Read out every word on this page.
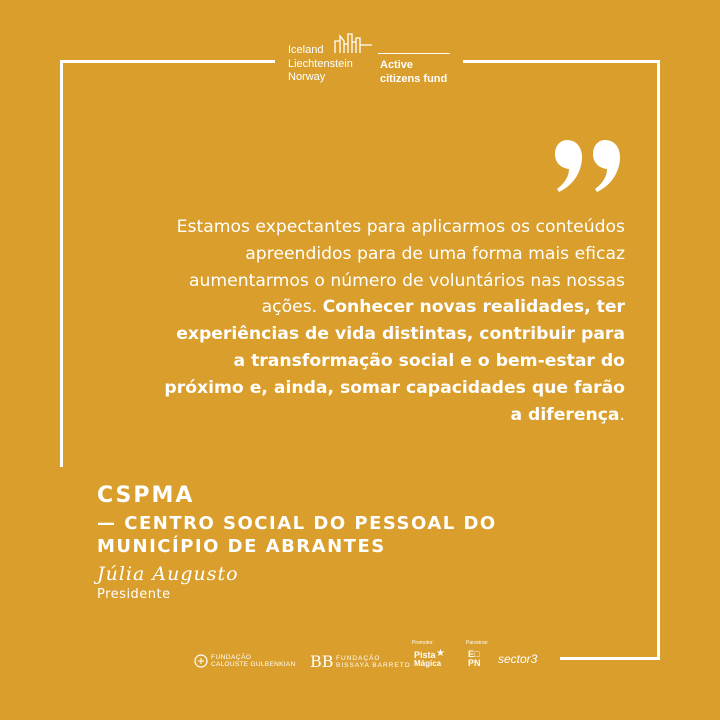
Iceland
Liechtenstein
Norway
Active
citizens fund
Estamos expectantes para aplicarmos os conteúdos apreendidos para de uma forma mais eficaz aumentarmos o número de voluntários nas nossas ações. Conhecer novas realidades, ter experiências de vida distintas, contribuir para a transformação social e o bem-estar do próximo e, ainda, somar capacidades que farão a diferença.
CSPMA
— CENTRO SOCIAL DO PESSOAL DO
MUNICÍPIO DE ABRANTES
Júlia Augusto
Presidente
FUNDAÇÃO
CALOUSTE GULBENKIAN BB FUNDAÇÃO
BISSAYA BARRETO
Promotor:
Pista
Mágica
★
Parceiros:
E□
PN sector3
